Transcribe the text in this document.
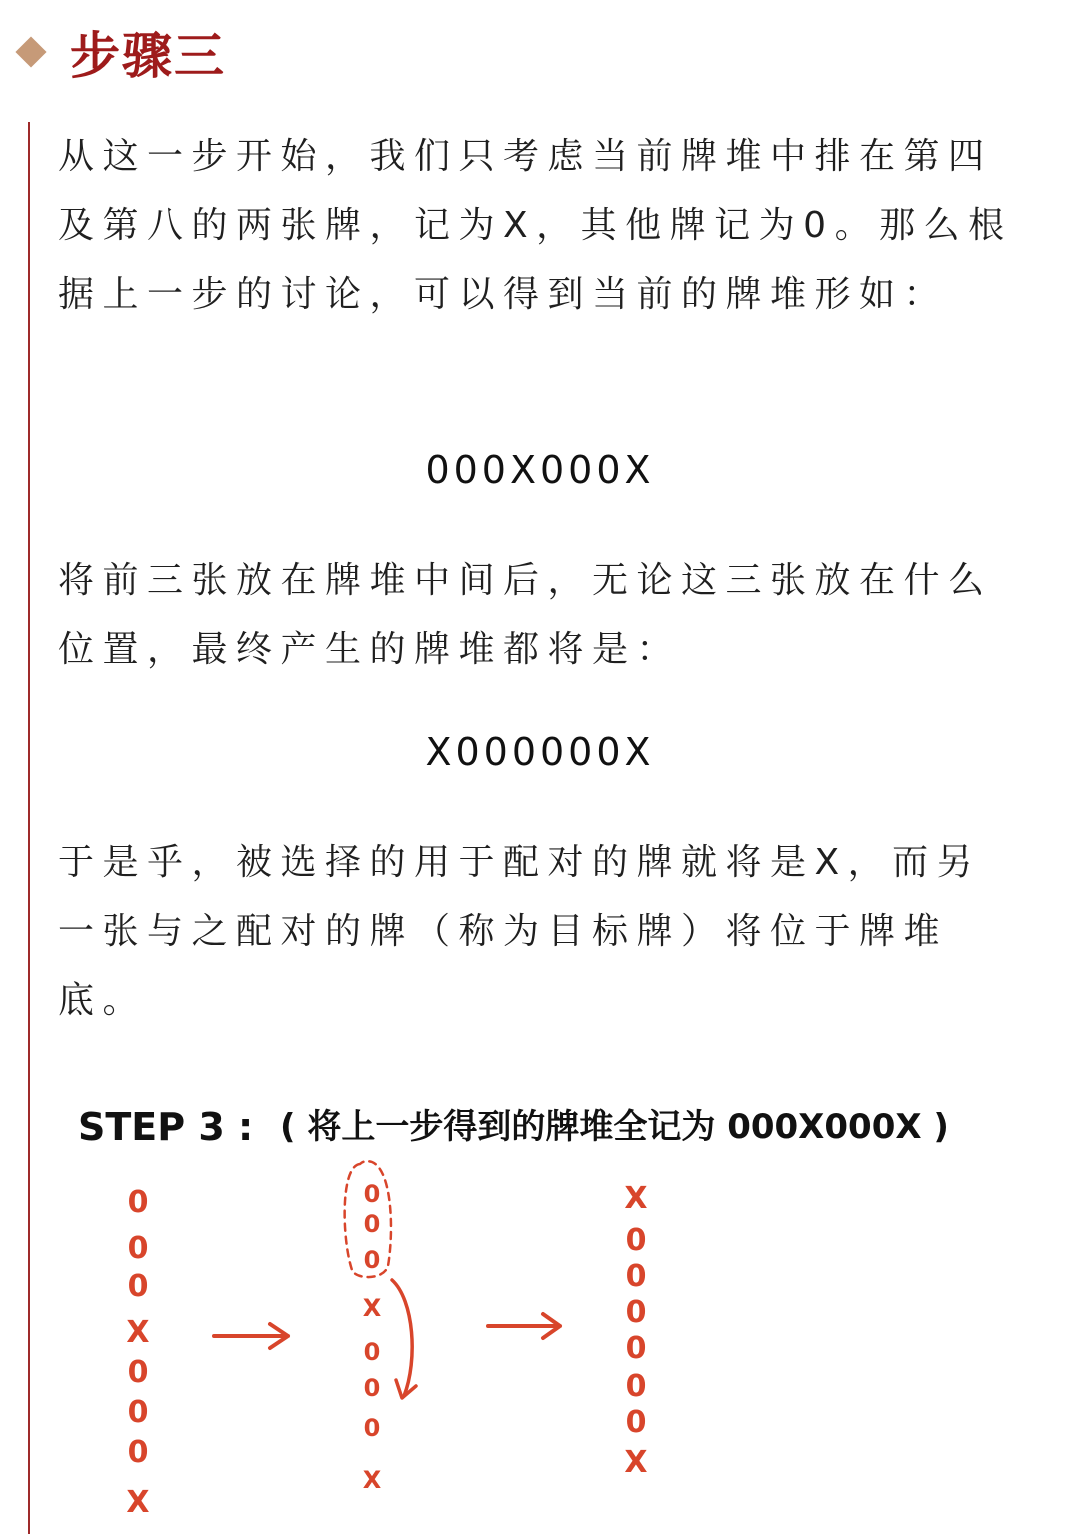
步骤三
从这一步开始，我们只考虑当前牌堆中排在第四及第八的两张牌，记为X，其他牌记为0。那么根据上一步的讨论，可以得到当前的牌堆形如：
000X000X
将前三张放在牌堆中间后，无论这三张放在什么位置，最终产生的牌堆都将是：
X000000X
于是乎，被选择的用于配对的牌就将是X，而另一张与之配对的牌（称为目标牌）将位于牌堆底。
STEP 3 : ( 将上一步得到的牌堆全记为 000X000X )
0
0
0
X
0
0
0
X
0
0
0
X
0
0
0
X
X
0
0
0
0
0
0
X
